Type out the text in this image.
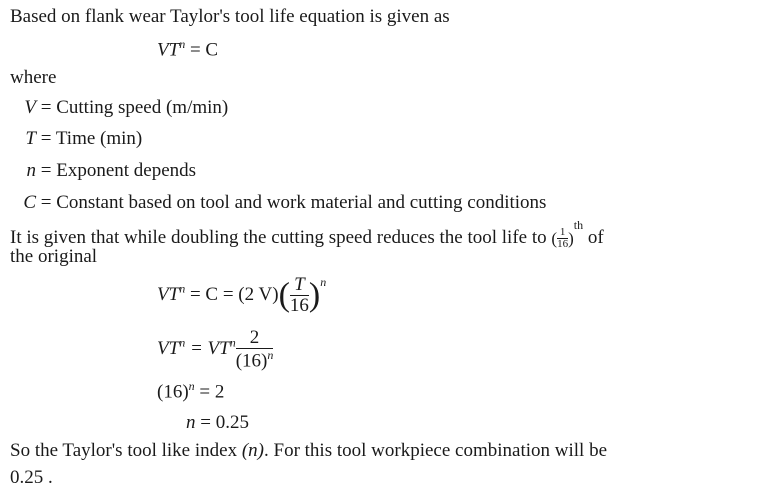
Based on flank wear Taylor's tool life equation is given as
$VT^n = C$
where
V = Cutting speed (m/min)
T = Time (min)
n = Exponent depends
C = Constant based on tool and work material and cutting conditions
It is given that while doubling the cutting speed reduces the tool life to ( $\frac{1}{16} )^{th}$ of
the original
$VT^n = C = (2$ $V)( \frac{T}{16} )^n$
$VT^n = VT^n \frac{2}{(16)^n}$
$(16)^n = 2$
n = 0.25
So the Taylor's tool like index (n). For this tool workpiece combination will be
0.25 .
